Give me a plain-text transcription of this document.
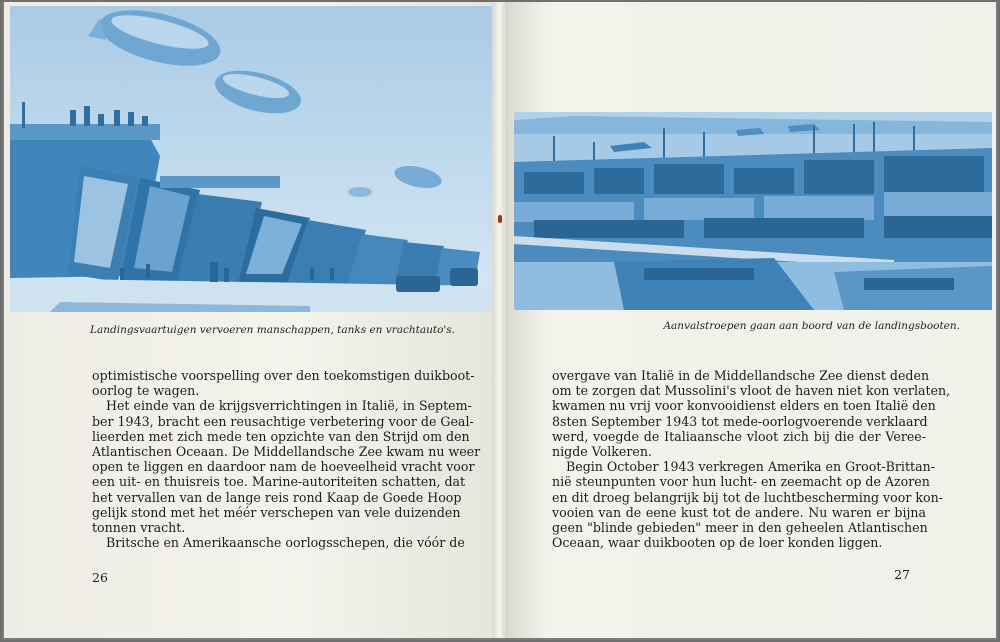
Landingsvaartuigen vervoeren manschappen, tanks en vrachtauto's.
optimistische voorspelling over den toekomstigen duikboot-
oorlog te wagen.
Het einde van de krijgsverrichtingen in Italië, in Septem-
ber 1943, bracht een reusachtige verbetering voor de Geal-
lieerden met zich mede ten opzichte van den Strijd om den
Atlantischen Oceaan. De Middellandsche Zee kwam nu weer
open te liggen en daardoor nam de hoeveelheid vracht voor
een uit- en thuisreis toe. Marine-autoriteiten schatten, dat
het vervallen van de lange reis rond Kaap de Goede Hoop
gelijk stond met het méér verschepen van vele duizenden
tonnen vracht.
Britsche en Amerikaansche oorlogsschepen, die vóór de
26
Aanvalstroepen gaan aan boord van de landingsbooten.
overgave van Italië in de Middellandsche Zee dienst deden
om te zorgen dat Mussolini's vloot de haven niet kon verlaten,
kwamen nu vrij voor konvooidienst elders en toen Italië den
8sten September 1943 tot mede-oorlogvoerende verklaard
werd, voegde de Italiaansche vloot zich bij die der Veree-
nigde Volkeren.
Begin October 1943 verkregen Amerika en Groot-Brittan-
nië steunpunten voor hun lucht- en zeemacht op de Azoren
en dit droeg belangrijk bij tot de luchtbescherming voor kon-
vooien van de eene kust tot de andere. Nu waren er bijna
geen "blinde gebieden" meer in den geheelen Atlantischen
Oceaan, waar duikbooten op de loer konden liggen.
27
